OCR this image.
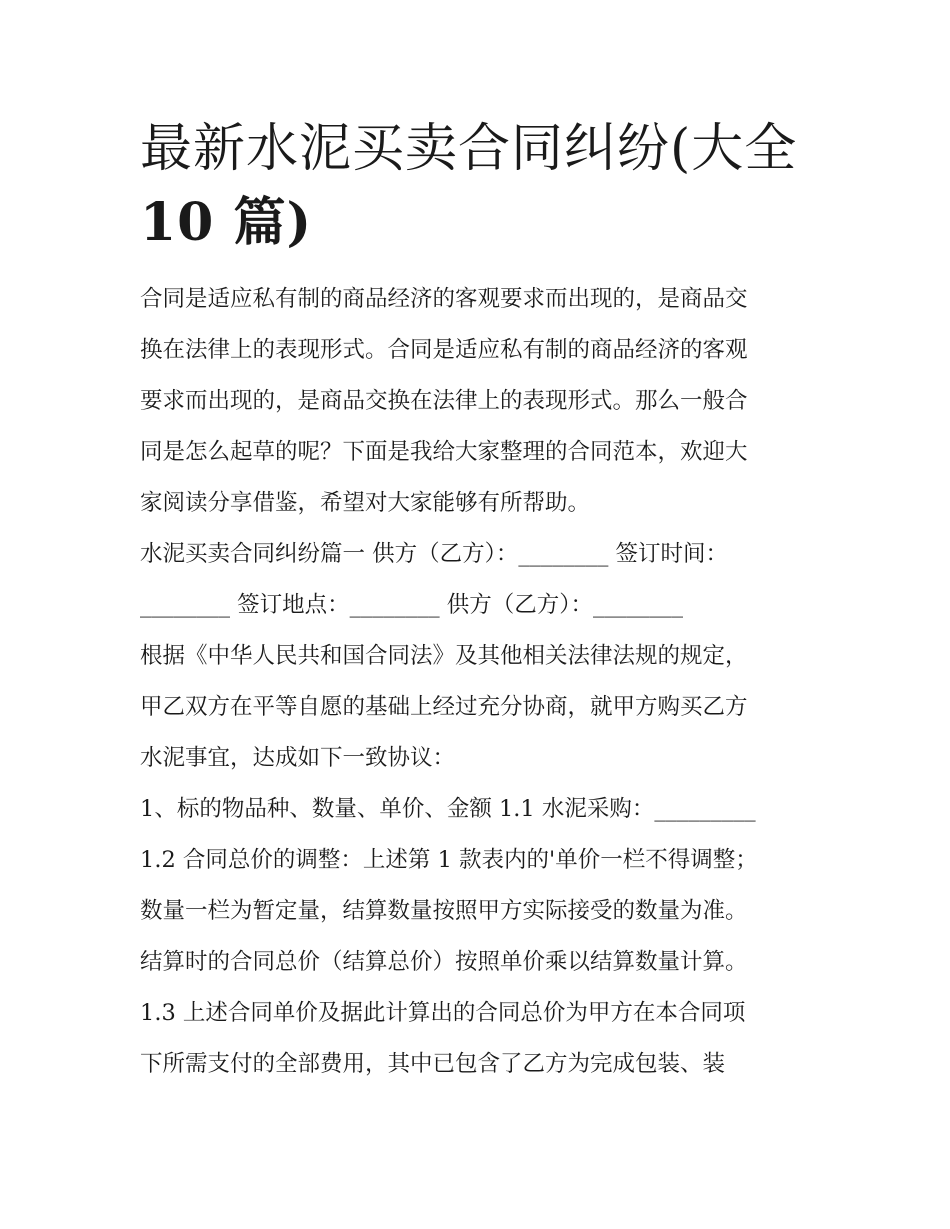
最新水泥买卖合同纠纷(大全
10 篇)
合同是适应私有制的商品经济的客观要求而出现的，是商品交
换在法律上的表现形式。合同是适应私有制的商品经济的客观
要求而出现的，是商品交换在法律上的表现形式。那么一般合
同是怎么起草的呢？下面是我给大家整理的合同范本，欢迎大
家阅读分享借鉴，希望对大家能够有所帮助。
水泥买卖合同纠纷篇一 供方（乙方）：________ 签订时间：
________ 签订地点：________ 供方（乙方）：________
根据《中华人民共和国合同法》及其他相关法律法规的规定，
甲乙双方在平等自愿的基础上经过充分协商，就甲方购买乙方
水泥事宜，达成如下一致协议：
1、标的物品种、数量、单价、金额 1.1 水泥采购：_________
1.2 合同总价的调整：上述第 1 款表内的'单价一栏不得调整；
数量一栏为暂定量，结算数量按照甲方实际接受的数量为准。
结算时的合同总价（结算总价）按照单价乘以结算数量计算。
1.3 上述合同单价及据此计算出的合同总价为甲方在本合同项
下所需支付的全部费用，其中已包含了乙方为完成包装、装
